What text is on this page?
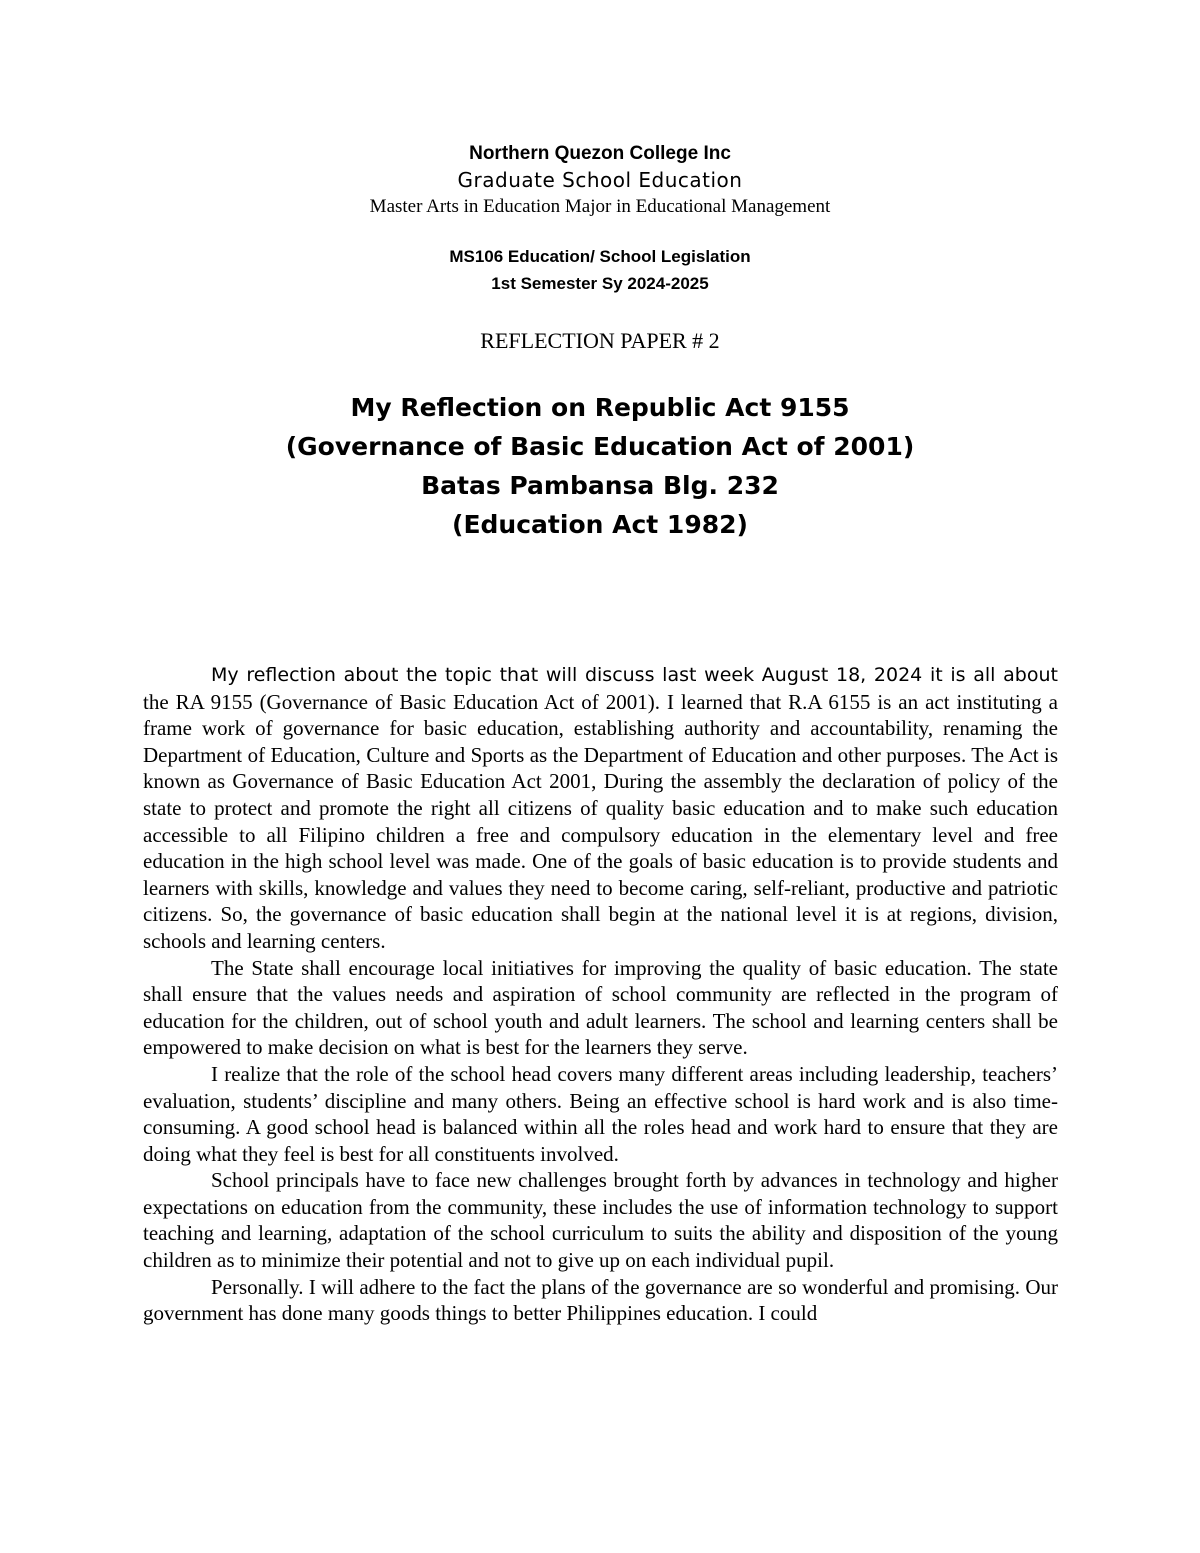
Northern Quezon College Inc
Graduate School Education
Master Arts in Education Major in Educational Management
MS106 Education/ School Legislation
1st Semester Sy 2024-2025
REFLECTION PAPER # 2
My Reflection on Republic Act 9155
(Governance of Basic Education Act of 2001)
Batas Pambansa Blg. 232
(Education Act 1982)

My reflection about the topic that will discuss last week August 18, 2024 it is all about the RA 9155 (Governance of Basic Education Act of 2001). I learned that R.A 6155 is an act instituting a frame work of governance for basic education, establishing authority and accountability, renaming the Department of Education, Culture and Sports as the Department of Education and other purposes. The Act is known as Governance of Basic Education Act 2001, During the assembly the declaration of policy of the state to protect and promote the right all citizens of quality basic education and to make such education accessible to all Filipino children a free and compulsory education in the elementary level and free education in the high school level was made. One of the goals of basic education is to provide students and learners with skills, knowledge and values they need to become caring, self-reliant, productive and patriotic citizens. So, the governance of basic education shall begin at the national level it is at regions, division, schools and learning centers.

The State shall encourage local initiatives for improving the quality of basic education. The state shall ensure that the values needs and aspiration of school community are reflected in the program of education for the children, out of school youth and adult learners. The school and learning centers shall be empowered to make decision on what is best for the learners they serve.

I realize that the role of the school head covers many different areas including leadership, teachers’ evaluation, students’ discipline and many others. Being an effective school is hard work and is also time- consuming. A good school head is balanced within all the roles head and work hard to ensure that they are doing what they feel is best for all constituents involved.

School principals have to face new challenges brought forth by advances in technology and higher expectations on education from the community, these includes the use of information technology to support teaching and learning, adaptation of the school curriculum to suits the ability and disposition of the young children as to minimize their potential and not to give up on each individual pupil.

Personally. I will adhere to the fact the plans of the governance are so wonderful and promising. Our government has done many goods things to better Philippines education. I could
